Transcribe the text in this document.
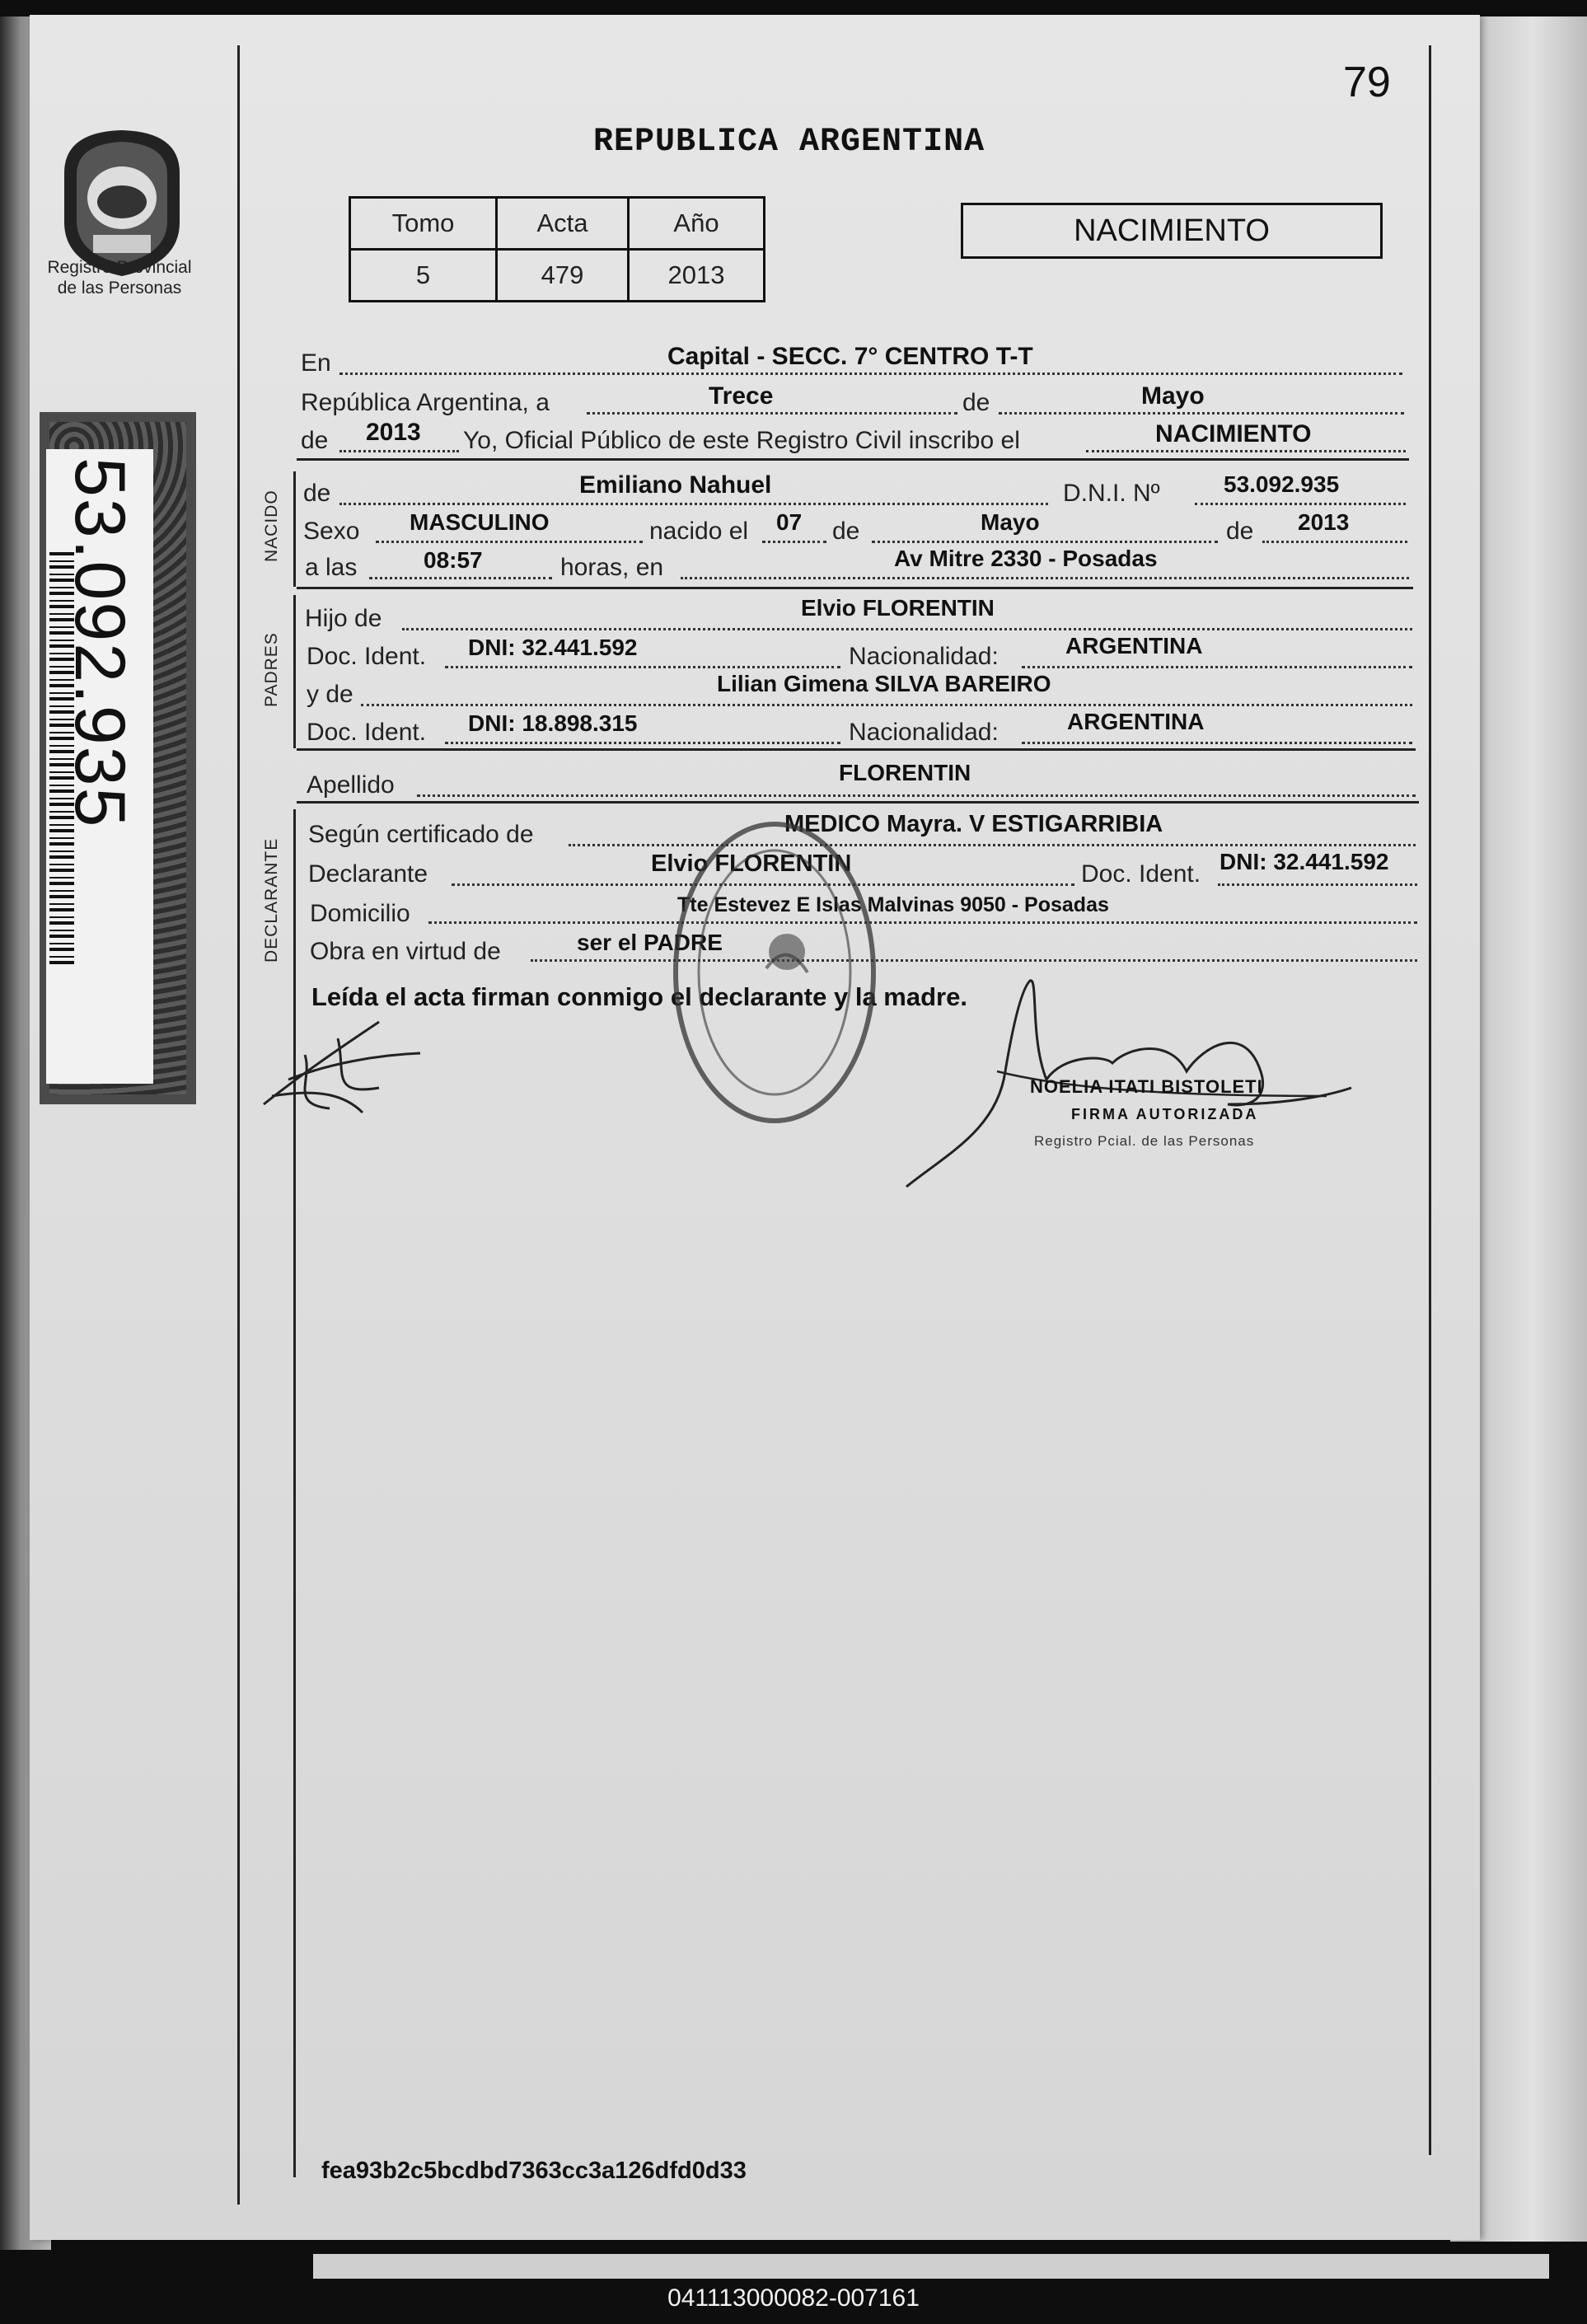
79
REPUBLICA ARGENTINA
Registro Provincial
de las Personas
53.092.935
Tomo	Acta	Año
5	479	2013
NACIMIENTO
En	Capital - SECC. 7° CENTRO T-T
República Argentina, a	Trece	de	Mayo
de 2013 Yo, Oficial Público de este Registro Civil inscribo el	NACIMIENTO
NACIDO de	Emiliano Nahuel	D.N.I. Nº	53.092.935
Sexo MASCULINO	nacido el 07 de	Mayo	de 2013
a las	08:57	horas, en	Av Mitre 2330 - Posadas
PADRES
Hijo de	Elvio FLORENTIN
Doc. Ident. DNI: 32.441.592	Nacionalidad:	ARGENTINA
y de	Lilian Gimena SILVA BAREIRO
Doc. Ident. DNI: 18.898.315	Nacionalidad:	ARGENTINA
Apellido	FLORENTIN
DECLARANTE
Según certificado de	MEDICO Mayra. V ESTIGARRIBIA
Declarante	Elvio FLORENTIN	Doc. Ident. DNI: 32.441.592
Domicilio	Tte Estevez E Islas Malvinas 9050 - Posadas
Obra en virtud de	ser el PADRE
Leída el acta firman conmigo el declarante y la madre.
NOELIA ITATI BISTOLETI
FIRMA AUTORIZADA
Registro Pcial. de las Personas
fea93b2c5bcdbd7363cc3a126dfd0d33
041113000082-007161
